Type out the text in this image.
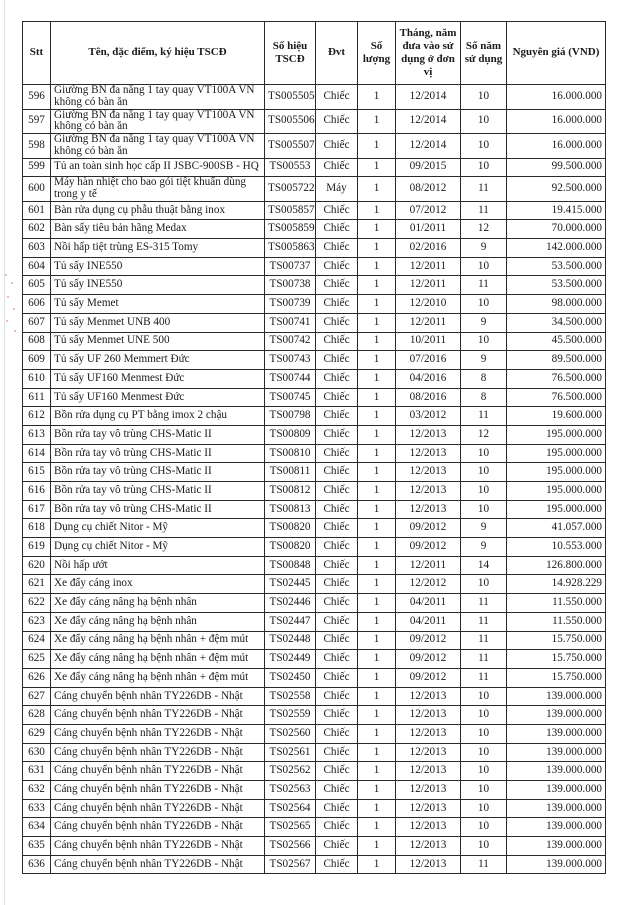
Stt	Tên, đặc điểm, ký hiệu TSCĐ	Số hiệu TSCĐ	Đvt	Số lượng	Tháng, năm đưa vào sử dụng ở đơn vị	Số năm sử dụng	Nguyên giá (VND)
596	Giường BN đa năng 1 tay quay VT100A VN không có bàn ăn	TS005505	Chiếc	1	12/2014	10	16.000.000
597	Giường BN đa năng 1 tay quay VT100A VN không có bàn ăn	TS005506	Chiếc	1	12/2014	10	16.000.000
598	Giường BN đa năng 1 tay quay VT100A VN không có bàn ăn	TS005507	Chiếc	1	12/2014	10	16.000.000
599	Tủ an toàn sinh học cấp II JSBC-900SB - HQ	TS00553	Chiếc	1	09/2015	10	99.500.000
600	Máy hàn nhiệt cho bao gói tiệt khuẩn dùng trong y tế	TS005722	Máy	1	08/2012	11	92.500.000
601	Bàn rửa dụng cụ phẫu thuật bằng inox	TS005857	Chiếc	1	07/2012	11	19.415.000
602	Bàn sấy tiêu bản hãng Medax	TS005859	Chiếc	1	01/2011	12	70.000.000
603	Nồi hấp tiệt trùng ES-315 Tomy	TS005863	Chiếc	1	02/2016	9	142.000.000
604	Tủ sấy INE550	TS00737	Chiếc	1	12/2011	10	53.500.000
605	Tủ sấy INE550	TS00738	Chiếc	1	12/2011	11	53.500.000
606	Tủ sấy Memet	TS00739	Chiếc	1	12/2010	10	98.000.000
607	Tủ sấy Menmet UNB 400	TS00741	Chiếc	1	12/2011	9	34.500.000
608	Tủ sấy Menmet UNE 500	TS00742	Chiếc	1	10/2011	10	45.500.000
609	Tủ sấy UF 260 Memmert Đức	TS00743	Chiếc	1	07/2016	9	89.500.000
610	Tủ sấy UF160 Menmest Đức	TS00744	Chiếc	1	04/2016	8	76.500.000
611	Tủ sấy UF160 Menmest Đức	TS00745	Chiếc	1	08/2016	8	76.500.000
612	Bồn rửa dụng cụ PT bằng imox 2 chậu	TS00798	Chiếc	1	03/2012	11	19.600.000
613	Bồn rửa tay vô trùng CHS-Matic II	TS00809	Chiếc	1	12/2013	12	195.000.000
614	Bồn rửa tay vô trùng CHS-Matic II	TS00810	Chiếc	1	12/2013	10	195.000.000
615	Bồn rửa tay vô trùng CHS-Matic II	TS00811	Chiếc	1	12/2013	10	195.000.000
616	Bồn rửa tay vô trùng CHS-Matic II	TS00812	Chiếc	1	12/2013	10	195.000.000
617	Bồn rửa tay vô trùng CHS-Matic II	TS00813	Chiếc	1	12/2013	10	195.000.000
618	Dụng cụ chiết Nitor - Mỹ	TS00820	Chiếc	1	09/2012	9	41.057.000
619	Dụng cụ chiết Nitor - Mỹ	TS00820	Chiếc	1	09/2012	9	10.553.000
620	Nồi hấp ướt	TS00848	Chiếc	1	12/2011	14	126.800.000
621	Xe đẩy cáng inox	TS02445	Chiếc	1	12/2012	10	14.928.229
622	Xe đẩy cáng nâng hạ bệnh nhân	TS02446	Chiếc	1	04/2011	11	11.550.000
623	Xe đẩy cáng nâng hạ bệnh nhân	TS02447	Chiếc	1	04/2011	11	11.550.000
624	Xe đẩy cáng nâng hạ bệnh nhân + đệm mút	TS02448	Chiếc	1	09/2012	11	15.750.000
625	Xe đẩy cáng nâng hạ bệnh nhân + đệm mút	TS02449	Chiếc	1	09/2012	11	15.750.000
626	Xe đẩy cáng nâng hạ bệnh nhân + đệm mút	TS02450	Chiếc	1	09/2012	11	15.750.000
627	Cáng chuyển bệnh nhân TY226DB - Nhật	TS02558	Chiếc	1	12/2013	10	139.000.000
628	Cáng chuyển bệnh nhân TY226DB - Nhật	TS02559	Chiếc	1	12/2013	10	139.000.000
629	Cáng chuyển bệnh nhân TY226DB - Nhật	TS02560	Chiếc	1	12/2013	10	139.000.000
630	Cáng chuyển bệnh nhân TY226DB - Nhật	TS02561	Chiếc	1	12/2013	10	139.000.000
631	Cáng chuyển bệnh nhân TY226DB - Nhật	TS02562	Chiếc	1	12/2013	10	139.000.000
632	Cáng chuyển bệnh nhân TY226DB - Nhật	TS02563	Chiếc	1	12/2013	10	139.000.000
633	Cáng chuyển bệnh nhân TY226DB - Nhật	TS02564	Chiếc	1	12/2013	10	139.000.000
634	Cáng chuyển bệnh nhân TY226DB - Nhật	TS02565	Chiếc	1	12/2013	10	139.000.000
635	Cáng chuyển bệnh nhân TY226DB - Nhật	TS02566	Chiếc	1	12/2013	10	139.000.000
636	Cáng chuyển bệnh nhân TY226DB - Nhật	TS02567	Chiếc	1	12/2013	11	139.000.000
